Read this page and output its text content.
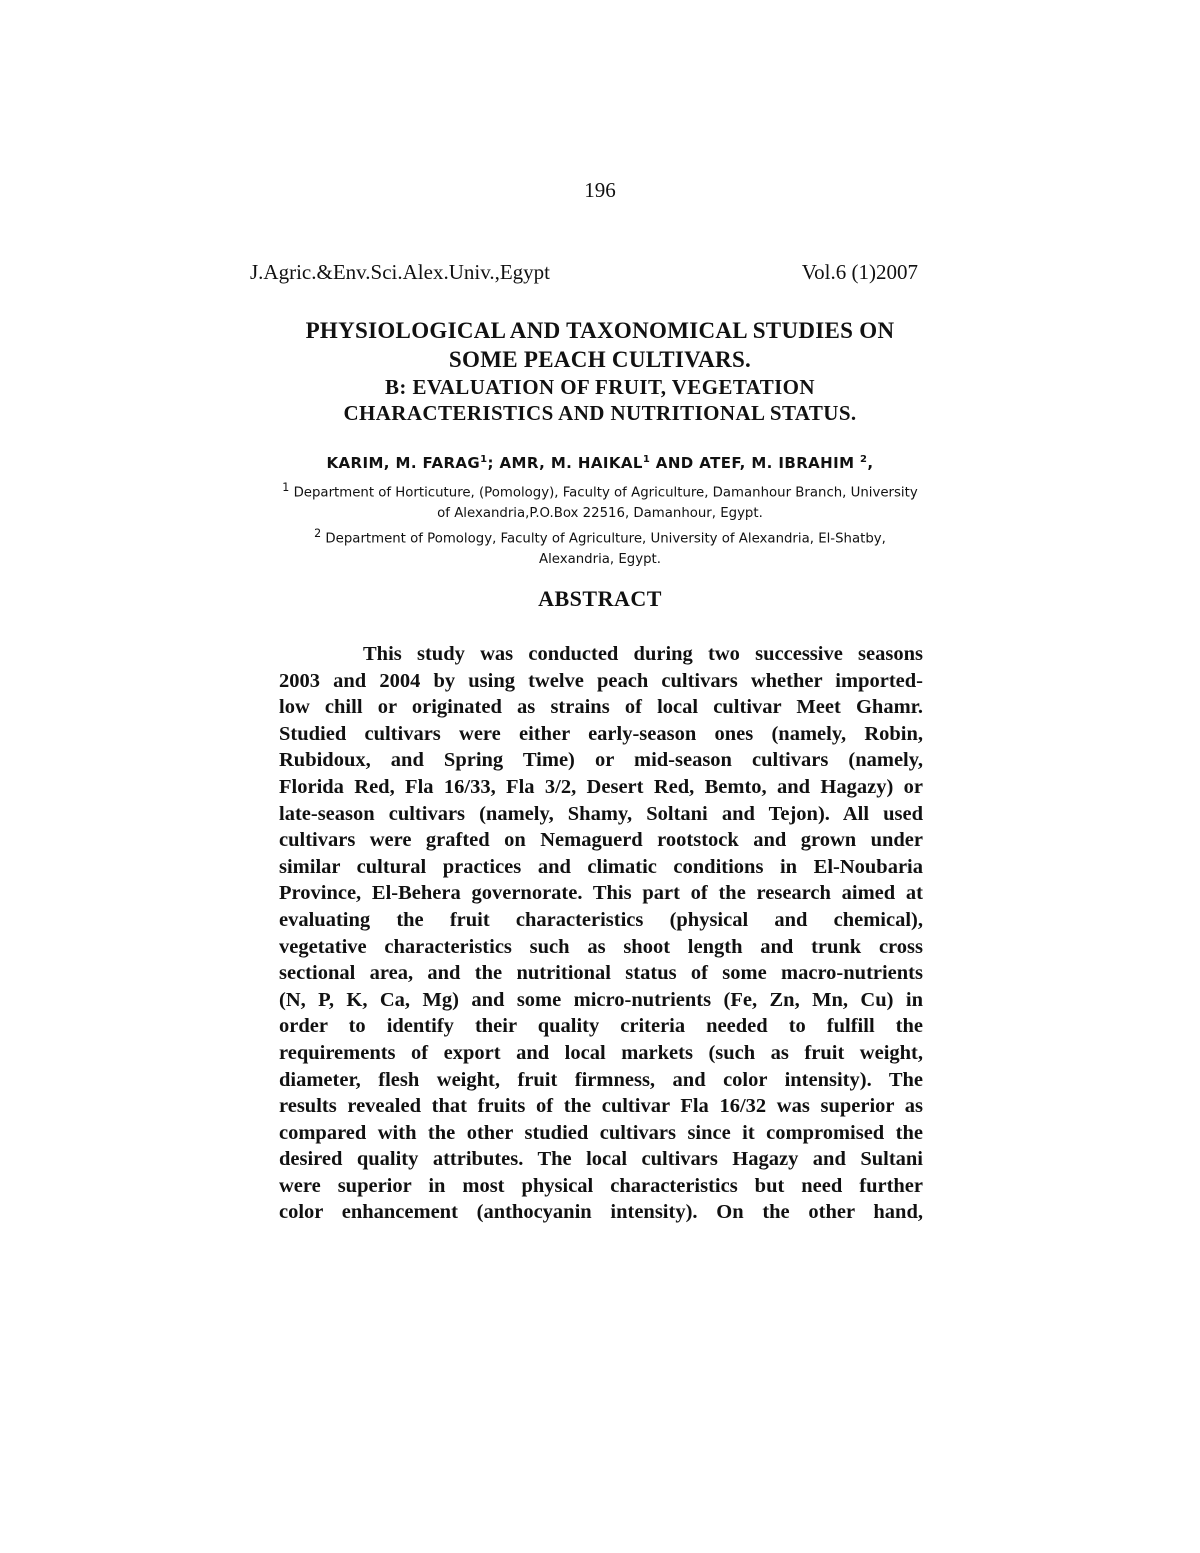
196
J.Agric.&Env.Sci.Alex.Univ.,Egypt	Vol.6 (1)2007
PHYSIOLOGICAL AND TAXONOMICAL STUDIES ON
SOME PEACH CULTIVARS.
B: EVALUATION OF FRUIT, VEGETATION
CHARACTERISTICS AND NUTRITIONAL STATUS.
KARIM, M. FARAG$^1$; AMR, M. HAIKAL$^1$ AND ATEF, M. IBRAHIM $^2$,
$^1$ Department of Horticuture, (Pomology), Faculty of Agriculture, Damanhour Branch, University
of Alexandria,P.O.Box 22516, Damanhour, Egypt.
$^2$ Department of Pomology, Faculty of Agriculture, University of Alexandria, El-Shatby,
Alexandria, Egypt.
ABSTRACT
This study was conducted during two successive seasons
2003 and 2004 by using twelve peach cultivars whether imported-
low chill or originated as strains of local cultivar Meet Ghamr.
Studied cultivars were either early-season ones (namely, Robin,
Rubidoux, and Spring Time) or mid-season cultivars (namely,
Florida Red, Fla 16/33, Fla 3/2, Desert Red, Bemto, and Hagazy) or
late-season cultivars (namely, Shamy, Soltani and Tejon). All used
cultivars were grafted on Nemaguerd rootstock and grown under
similar cultural practices and climatic conditions in El-Noubaria
Province, El-Behera governorate. This part of the research aimed at
evaluating the fruit characteristics (physical and chemical),
vegetative characteristics such as shoot length and trunk cross
sectional area, and the nutritional status of some macro-nutrients
(N, P, K, Ca, Mg) and some micro-nutrients (Fe, Zn, Mn, Cu) in
order to identify their quality criteria needed to fulfill the
requirements of export and local markets (such as fruit weight,
diameter, flesh weight, fruit firmness, and color intensity). The
results revealed that fruits of the cultivar Fla 16/32 was superior as
compared with the other studied cultivars since it compromised the
desired quality attributes. The local cultivars Hagazy and Sultani
were superior in most physical characteristics but need further
color enhancement (anthocyanin intensity). On the other hand,
